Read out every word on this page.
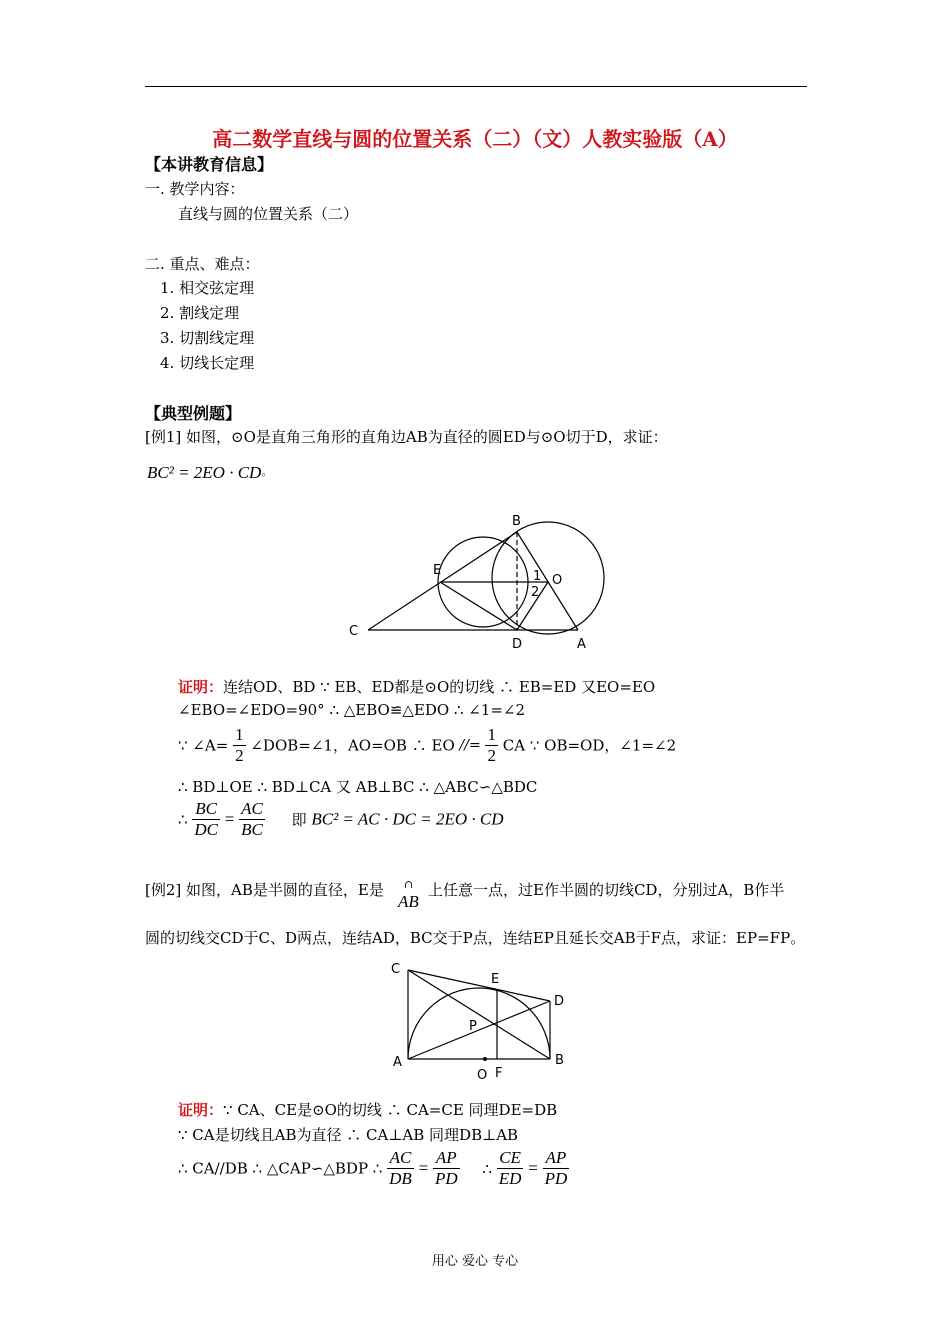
高二数学直线与圆的位置关系（二）（文）人教实验版（A）
【本讲教育信息】
一. 教学内容：
直线与圆的位置关系（二）
二. 重点、难点：
1. 相交弦定理
2. 割线定理
3. 切割线定理
4. 切线长定理
【典型例题】
[例1] 如图，⊙O是直角三角形的直角边AB为直径的圆ED与⊙O切于D，求证：
BC² = 2EO · CD。
B
E	1 O
2
C
D	A
证明：连结OD、BD ∵ EB、ED都是⊙O的切线 ∴ EB=ED 又EO=EO
∠EBO=∠EDO=90° ∴ △EBO≌△EDO ∴ ∠1=∠2
∵ ∠A= $\frac{1}{2}$ ∠DOB=∠1，AO=OB ∴ EO //= $\frac{1}{2}$ CA ∵ OB=OD，∠1=∠2
∴ BD⊥OE ∴ BD⊥CA 又 AB⊥BC ∴ △ABC∽△BDC
∴ $\frac{BC}{DC} = \frac{AC}{BC}$ 即 BC² = AC · DC = 2EO · CD
[例2] 如图，AB是半圆的直径，E是 ∩
AB
上任意一点，过E作半圆的切线CD，分别过A，B作半
圆的切线交CD于C、D两点，连结AD，BC交于P点，连结EP且延长交AB于F点，求证：EP=FP。
C
E
D
P
A	B
O F
证明：∵ CA、CE是⊙O的切线 ∴ CA=CE 同理DE=DB
∵ CA是切线且AB为直径 ∴ CA⊥AB 同理DB⊥AB
∴ CA//DB ∴ △CAP∽△BDP ∴ $\frac{AC}{DB} = \frac{AP}{PD}$ ∴ $\frac{CE}{ED} = \frac{AP}{PD}$
用心 爱心 专心
